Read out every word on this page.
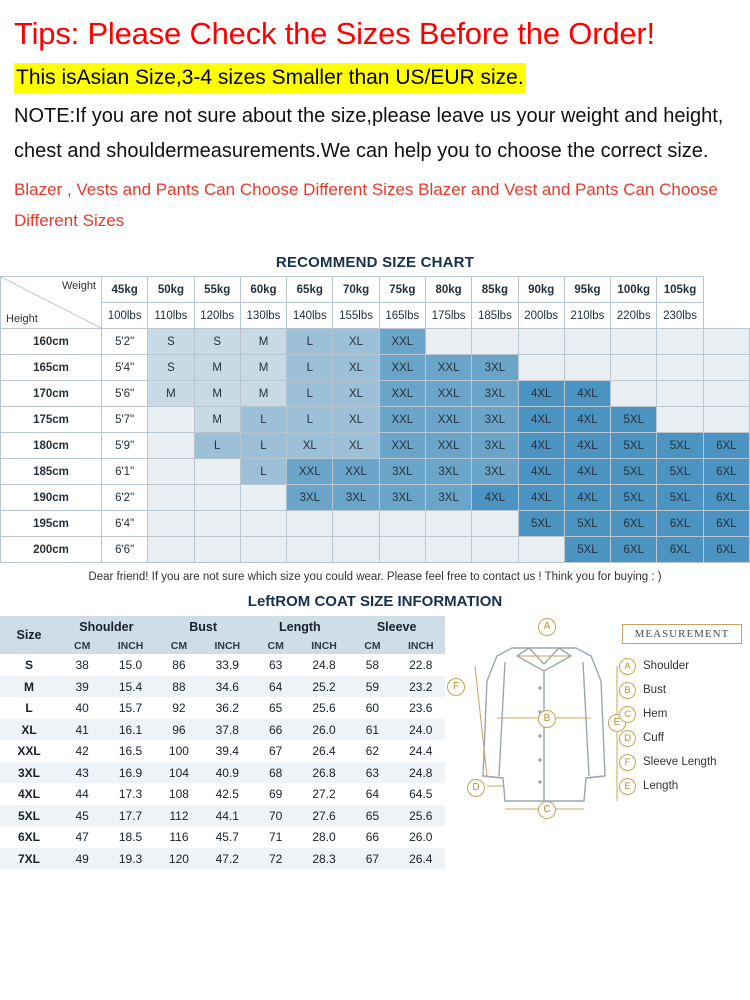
Tips: Please Check the Sizes Before the Order!
This isAsian Size,3-4 sizes Smaller than US/EUR size.
NOTE:If you are not sure about the size,please leave us your weight and height, chest and shouldermeasurements.We can help you to choose the correct size.
Blazer , Vests and Pants Can Choose Different Sizes Blazer and Vest and Pants Can Choose Different Sizes
RECOMMEND SIZE CHART
Weight
Height	45kg	50kg	55kg	60kg	65kg	70kg	75kg	80kg	85kg	90kg	95kg	100kg	105kg	
	100lbs	110lbs	120lbs	130lbs	140lbs	155lbs	165lbs	175lbs	185lbs	200lbs	210lbs	220lbs	230lbs	
160cm	5'2"	S	S	M	L	XL	XXL							
165cm	5'4"	S	M	M	L	XL	XXL	XXL	3XL					
170cm	5'6"	M	M	M	L	XL	XXL	XXL	3XL	4XL	4XL			
175cm	5'7"		M	L	L	XL	XXL	XXL	3XL	4XL	4XL	5XL		
180cm	5'9"		L	L	XL	XL	XXL	XXL	3XL	4XL	4XL	5XL	5XL	6XL
185cm	6'1"			L	XXL	XXL	3XL	3XL	3XL	4XL	4XL	5XL	5XL	6XL
190cm	6'2"				3XL	3XL	3XL	3XL	4XL	4XL	4XL	5XL	5XL	6XL
195cm	6'4"									5XL	5XL	6XL	6XL	6XL
200cm	6'6"										5XL	6XL	6XL	6XL
Dear friend! If you are not sure which size you could wear. Please feel free to contact us ! Think you for buying : )
LeftROM COAT SIZE INFORMATION
Size	Shoulder		Bust		Length		Sleeve	
	CM	INCH	CM	INCH	CM	INCH	CM	INCH
S	38	15.0	86	33.9	63	24.8	58	22.8
M	39	15.4	88	34.6	64	25.2	59	23.2
L	40	15.7	92	36.2	65	25.6	60	23.6
XL	41	16.1	96	37.8	66	26.0	61	24.0
XXL	42	16.5	100	39.4	67	26.4	62	24.4
3XL	43	16.9	104	40.9	68	26.8	63	24.8
4XL	44	17.3	108	42.5	69	27.2	64	64.5
5XL	45	17.7	112	44.1	70	27.6	65	25.6
6XL	47	18.5	116	45.7	71	28.0	66	26.0
7XL	49	19.3	120	47.2	72	28.3	67	26.4
MEASUREMENT
A
B
C
D
E
F
A	Shoulder
B	Bust
C	Hem
D	Cuff
F	Sleeve Length
E	Length
